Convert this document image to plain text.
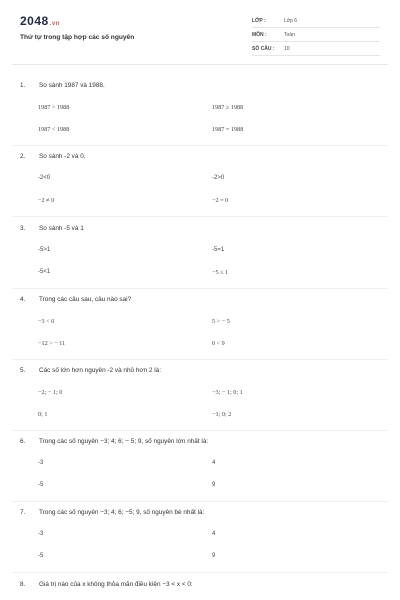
2048.vn
Thứ tự trong tập hợp các số nguyên
LỚP :	Lớp 6
MÔN :	Toán
SỐ CÂU :	10
1. So sánh 1987 và 1988.
1987 > 1988	1987 ≥ 1988
1987 < 1988	1987 = 1988
2. So sánh -2 và 0.
-2<0	-2>0
−2 ≠ 0	−2 = 0
3. So sánh -5 và 1
-5>1	-5=1
-5<1	−5 ≤ 1
4. Trong các câu sau, câu nào sai?
−3 < 0	5 > − 5
−12 > − 11	0 < 9
5. Các số lớn hơn nguyên -2 và nhỏ hơn 2 là:
−2; − 1; 0	−3; − 1; 0; 1
0; 1	−1; 0; 2
6. Trong các số nguyên −3; 4; 6; − 5; 9, số nguyên lớn nhất là:
-3	4
-5	9
7. Trong các số nguyên −3; 4; 6; −5; 9, số nguyên bé nhất là:
-3	4
-5	9
8. Giá trị nào của x không thỏa mãn điều kiện −3 < x < 0:
